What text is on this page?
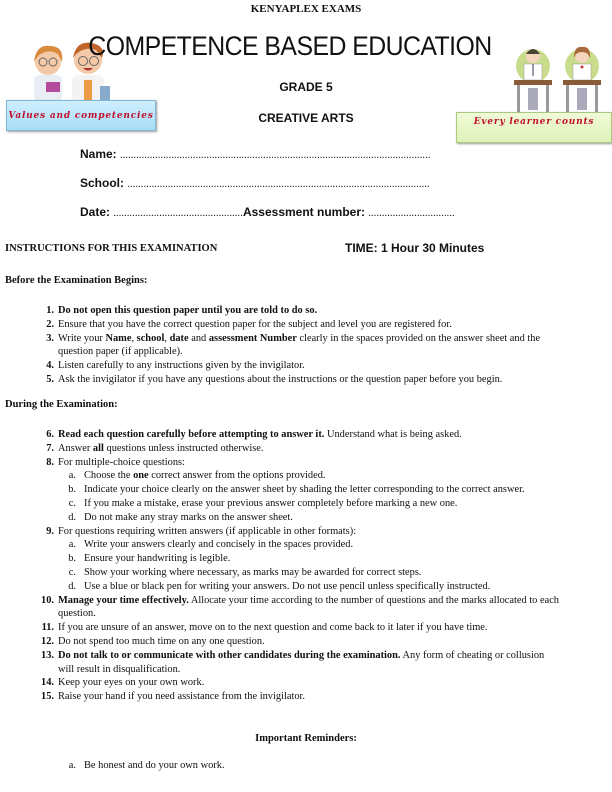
KENYAPLEX EXAMS
COMPETENCE BASED EDUCATION
GRADE 5
Values and competencies	CREATIVE ARTS	Every learner counts
Name: ...................................................................................................................
School: ................................................................................................................
Date: ................................................Assessment number: ................................
INSTRUCTIONS FOR THIS EXAMINATION	TIME: 1 Hour 30 Minutes
Before the Examination Begins:
1. Do not open this question paper until you are told to do so.
2. Ensure that you have the correct question paper for the subject and level you are registered for.
3. Write your Name, school, date and assessment Number clearly in the spaces provided on the answer sheet and the question paper (if applicable).
4. Listen carefully to any instructions given by the invigilator.
5. Ask the invigilator if you have any questions about the instructions or the question paper before you begin.
During the Examination:
6. Read each question carefully before attempting to answer it. Understand what is being asked.
7. Answer all questions unless instructed otherwise.
8. For multiple-choice questions:
a. Choose the one correct answer from the options provided.
b. Indicate your choice clearly on the answer sheet by shading the letter corresponding to the correct answer.
c. If you make a mistake, erase your previous answer completely before marking a new one.
d. Do not make any stray marks on the answer sheet.
9. For questions requiring written answers (if applicable in other formats):
a. Write your answers clearly and concisely in the spaces provided.
b. Ensure your handwriting is legible.
c. Show your working where necessary, as marks may be awarded for correct steps.
d. Use a blue or black pen for writing your answers. Do not use pencil unless specifically instructed.
10. Manage your time effectively. Allocate your time according to the number of questions and the marks allocated to each question.
11. If you are unsure of an answer, move on to the next question and come back to it later if you have time.
12. Do not spend too much time on any one question.
13. Do not talk to or communicate with other candidates during the examination. Any form of cheating or collusion will result in disqualification.
14. Keep your eyes on your own work.
15. Raise your hand if you need assistance from the invigilator.
Important Reminders:
a. Be honest and do your own work.
